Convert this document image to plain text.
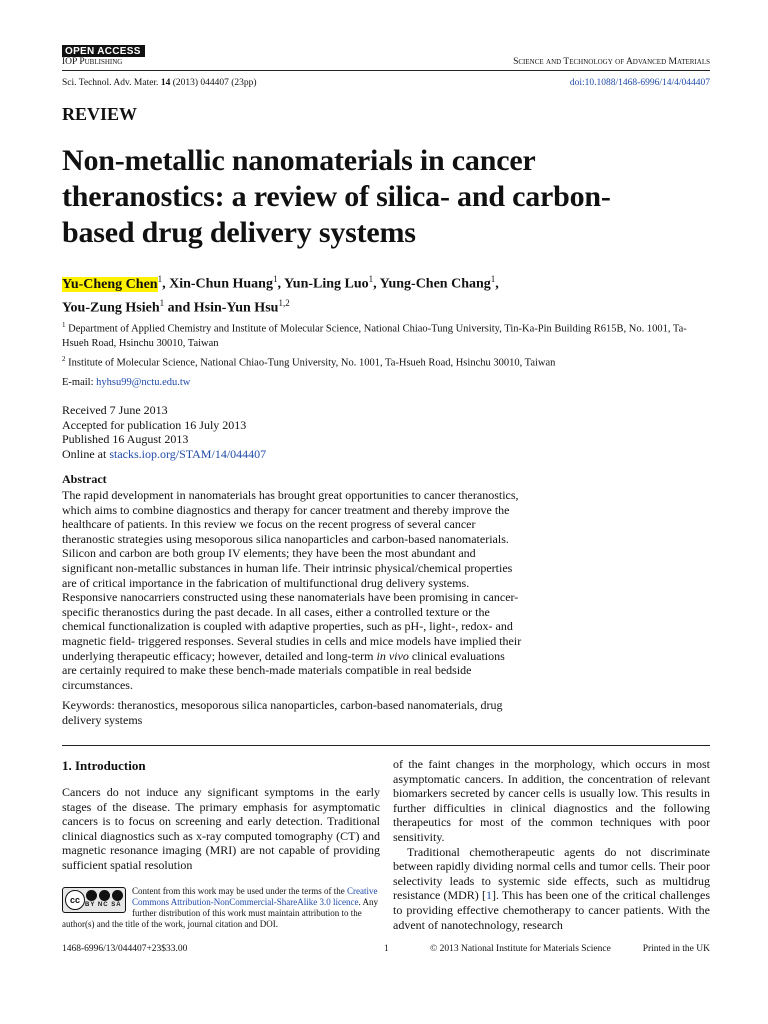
OPEN ACCESS
IOP Publishing	Science and Technology of Advanced Materials
Sci. Technol. Adv. Mater. 14 (2013) 044407 (23pp)	doi:10.1088/1468-6996/14/4/044407
REVIEW
Non-metallic nanomaterials in cancer theranostics: a review of silica- and carbon-based drug delivery systems
Yu-Cheng Chen$^1$, Xin-Chun Huang$^1$, Yun-Ling Luo$^1$, Yung-Chen Chang$^1$,
You-Zung Hsieh$^1$ and Hsin-Yun Hsu$^{1,2}$
$^1$ Department of Applied Chemistry and Institute of Molecular Science, National Chiao-Tung University, Tin-Ka-Pin Building R615B, No. 1001, Ta-Hsueh Road, Hsinchu 30010, Taiwan
$^2$ Institute of Molecular Science, National Chiao-Tung University, No. 1001, Ta-Hsueh Road, Hsinchu 30010, Taiwan
E-mail: hyhsu99@nctu.edu.tw
Received 7 June 2013
Accepted for publication 16 July 2013
Published 16 August 2013
Online at stacks.iop.org/STAM/14/044407
Abstract
The rapid development in nanomaterials has brought great opportunities to cancer theranostics, which aims to combine diagnostics and therapy for cancer treatment and thereby improve the healthcare of patients. In this review we focus on the recent progress of several cancer theranostic strategies using mesoporous silica nanoparticles and carbon-based nanomaterials. Silicon and carbon are both group IV elements; they have been the most abundant and significant non-metallic substances in human life. Their intrinsic physical/chemical properties are of critical importance in the fabrication of multifunctional drug delivery systems. Responsive nanocarriers constructed using these nanomaterials have been promising in cancer-specific theranostics during the past decade. In all cases, either a controlled texture or the chemical functionalization is coupled with adaptive properties, such as pH-, light-, redox- and magnetic field- triggered responses. Several studies in cells and mice models have implied their underlying therapeutic efficacy; however, detailed and long-term in vivo clinical evaluations are certainly required to make these bench-made materials compatible in real bedside circumstances.
Keywords: theranostics, mesoporous silica nanoparticles, carbon-based nanomaterials, drug delivery systems
1. Introduction

Cancers do not induce any significant symptoms in the early stages of the disease. The primary emphasis for asymptomatic cancers is to focus on screening and early detection. Traditional clinical diagnostics such as x-ray computed tomography (CT) and magnetic resonance imaging (MRI) are not capable of providing sufficient spatial resolution

of the faint changes in the morphology, which occurs in most asymptomatic cancers. In addition, the concentration of relevant biomarkers secreted by cancer cells is usually low. This results in further difficulties in clinical diagnostics and the following therapeutics for most of the common techniques with poor sensitivity.

Traditional chemotherapeutic agents do not discriminate between rapidly dividing normal cells and tumor cells. Their poor selectivity leads to systemic side effects, such as multidrug resistance (MDR) [1]. This has been one of the critical challenges to providing effective chemotherapy to cancer patients. With the advent of nanotechnology, research

cc BY NC SA
Content from this work may be used under the terms of the Creative Commons Attribution-NonCommercial-ShareAlike 3.0 licence. Any further distribution of this work must maintain attribution to the author(s) and the title of the work, journal citation and DOI.
1468-6996/13/044407+23$33.00	1	© 2013 National Institute for Materials Science	Printed in the UK
